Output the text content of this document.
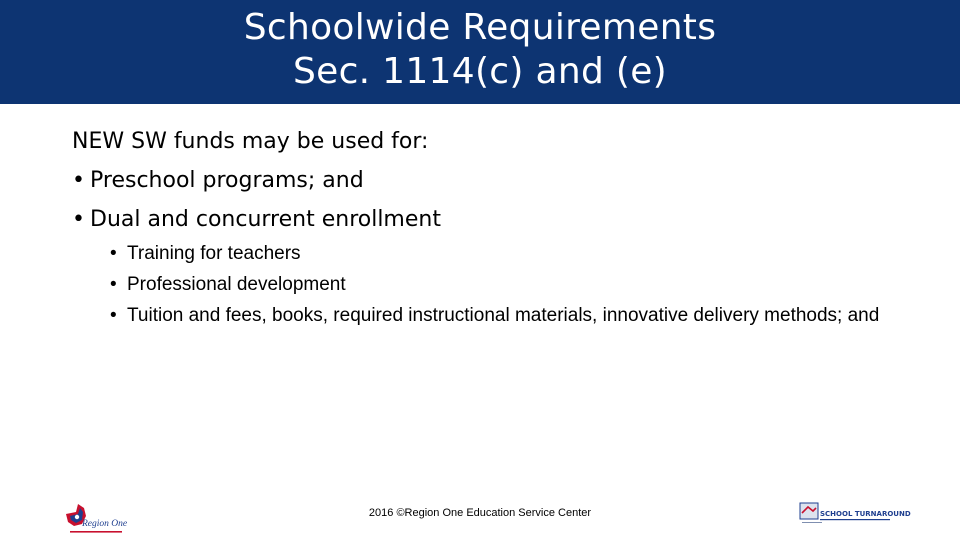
Schoolwide Requirements
Sec. 1114(c) and (e)
NEW SW funds may be used for:
• Preschool programs; and
• Dual and concurrent enrollment
• Training for teachers
• Professional development
• Tuition and fees, books, required instructional materials, innovative delivery methods; and
Region One
2016 ©Region One Education Service Center	SCHOOL TURNAROUND
